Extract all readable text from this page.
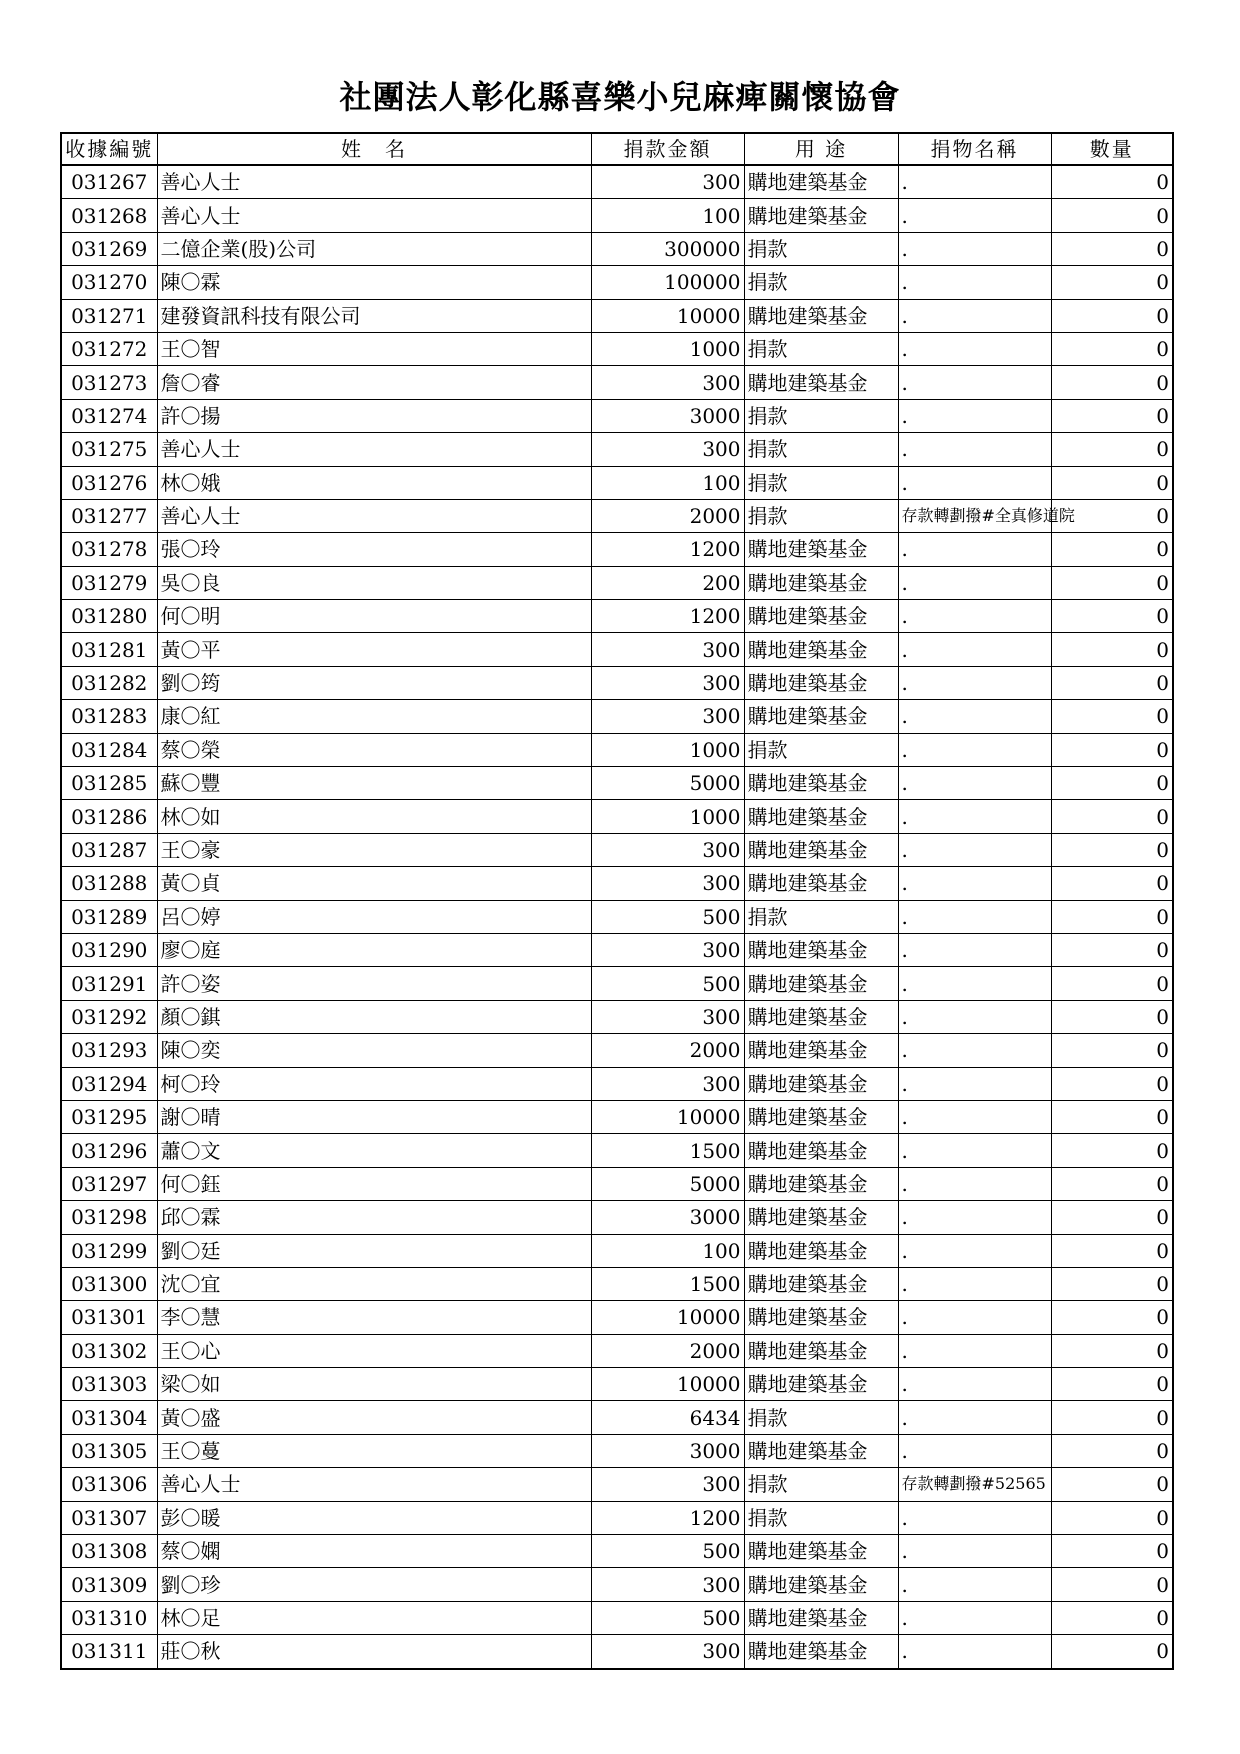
社團法人彰化縣喜樂小兒麻痺關懷協會
收據編號	姓　名	捐款金額	用 途	捐物名稱	數量
031267	善心人士	300	購地建築基金	.	0
031268	善心人士	100	購地建築基金	.	0
031269	二億企業(股)公司	300000	捐款	.	0
031270	陳〇霖	100000	捐款	.	0
031271	建發資訊科技有限公司	10000	購地建築基金	.	0
031272	王〇智	1000	捐款	.	0
031273	詹〇睿	300	購地建築基金	.	0
031274	許〇揚	3000	捐款	.	0
031275	善心人士	300	捐款	.	0
031276	林〇娥	100	捐款	.	0
031277	善心人士	2000	捐款	存款轉劃撥#全真修道院	0
031278	張〇玲	1200	購地建築基金	.	0
031279	吳〇良	200	購地建築基金	.	0
031280	何〇明	1200	購地建築基金	.	0
031281	黃〇平	300	購地建築基金	.	0
031282	劉〇筠	300	購地建築基金	.	0
031283	康〇紅	300	購地建築基金	.	0
031284	蔡〇榮	1000	捐款	.	0
031285	蘇〇豐	5000	購地建築基金	.	0
031286	林〇如	1000	購地建築基金	.	0
031287	王〇豪	300	購地建築基金	.	0
031288	黃〇貞	300	購地建築基金	.	0
031289	呂〇婷	500	捐款	.	0
031290	廖〇庭	300	購地建築基金	.	0
031291	許〇姿	500	購地建築基金	.	0
031292	顏〇錤	300	購地建築基金	.	0
031293	陳〇奕	2000	購地建築基金	.	0
031294	柯〇玲	300	購地建築基金	.	0
031295	謝〇晴	10000	購地建築基金	.	0
031296	蕭〇文	1500	購地建築基金	.	0
031297	何〇鈺	5000	購地建築基金	.	0
031298	邱〇霖	3000	購地建築基金	.	0
031299	劉〇廷	100	購地建築基金	.	0
031300	沈〇宜	1500	購地建築基金	.	0
031301	李〇慧	10000	購地建築基金	.	0
031302	王〇心	2000	購地建築基金	.	0
031303	梁〇如	10000	購地建築基金	.	0
031304	黃〇盛	6434	捐款	.	0
031305	王〇蔓	3000	購地建築基金	.	0
031306	善心人士	300	捐款	存款轉劃撥#52565	0
031307	彭〇暖	1200	捐款	.	0
031308	蔡〇嫻	500	購地建築基金	.	0
031309	劉〇珍	300	購地建築基金	.	0
031310	林〇足	500	購地建築基金	.	0
031311	莊〇秋	300	購地建築基金	.	0
